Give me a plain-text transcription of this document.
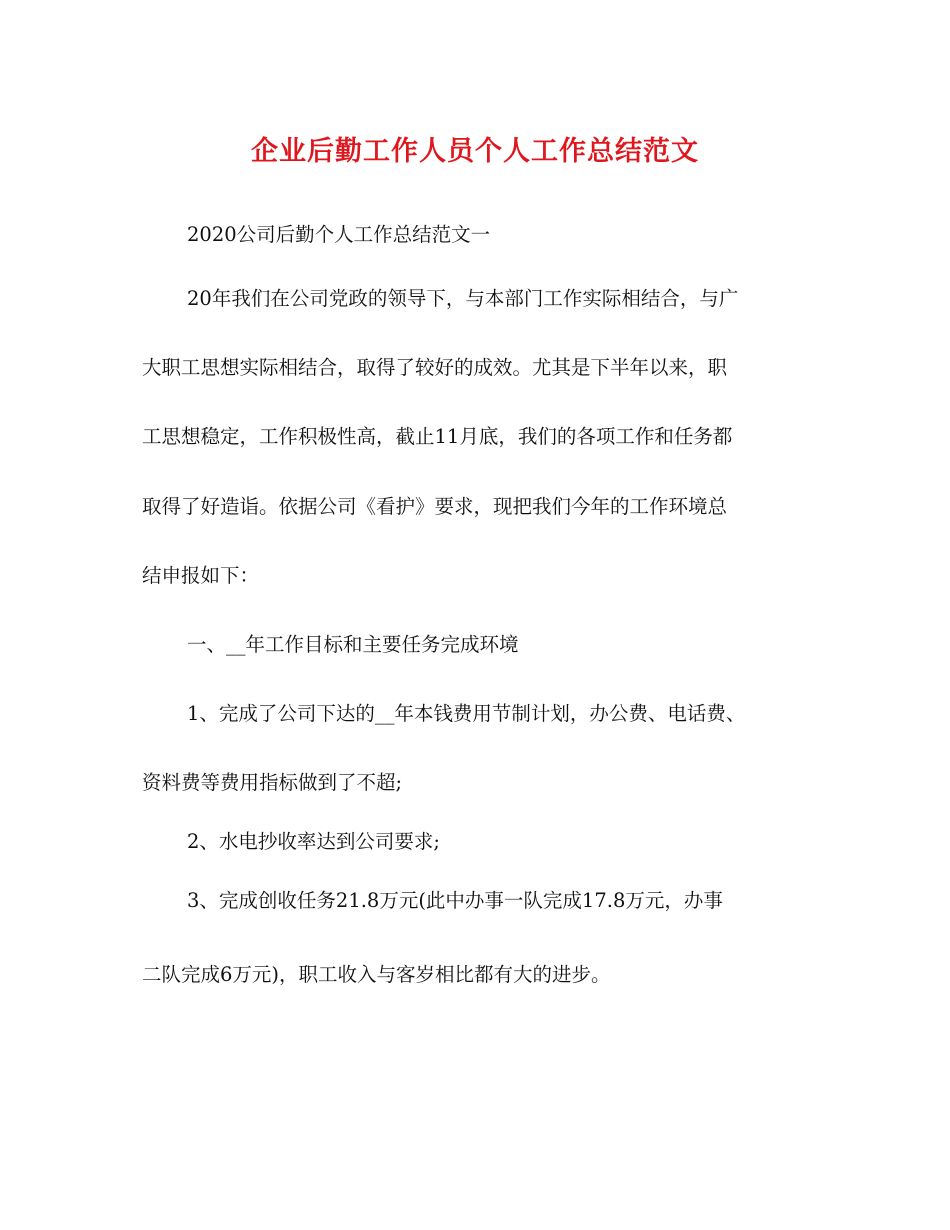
企业后勤工作人员个人工作总结范文
2020公司后勤个人工作总结范文一
20年我们在公司党政的领导下，与本部门工作实际相结合，与广
大职工思想实际相结合，取得了较好的成效。尤其是下半年以来，职
工思想稳定，工作积极性高，截止11月底，我们的各项工作和任务都
取得了好造诣。依据公司《看护》要求，现把我们今年的工作环境总
结申报如下：
一、__年工作目标和主要任务完成环境
1、完成了公司下达的__年本钱费用节制计划，办公费、电话费、
资料费等费用指标做到了不超;
2、水电抄收率达到公司要求;
3、完成创收任务21.8万元(此中办事一队完成17.8万元，办事
二队完成6万元)，职工收入与客岁相比都有大的进步。
